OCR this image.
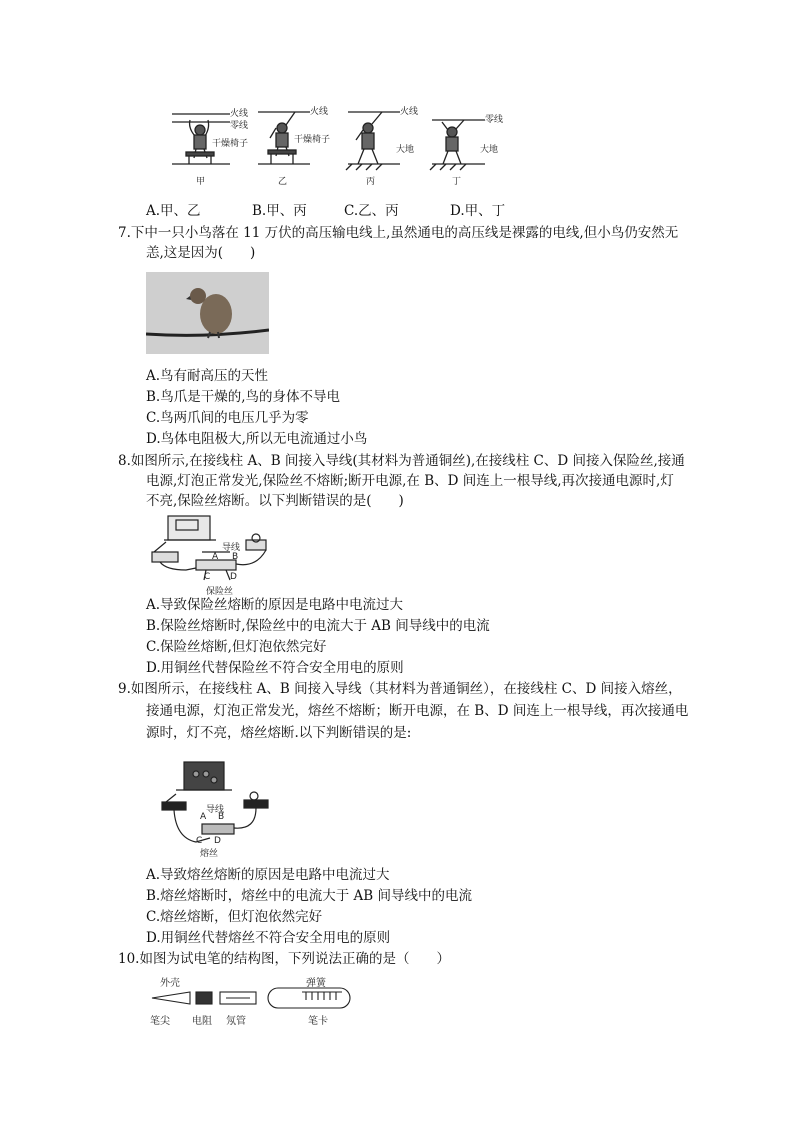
火线
零线
干燥椅子
火线
干燥椅子
火线
大地
零线
大地
甲	乙	丙	丁
A.甲、乙	B.甲、丙	C.乙、丙	D.甲、丁
7.下中一只小鸟落在 11 万伏的高压输电线上,虽然通电的高压线是裸露的电线,但小鸟仍安然无
恙,这是因为(　　)
A.鸟有耐高压的天性
B.鸟爪是干燥的,鸟的身体不导电
C.鸟两爪间的电压几乎为零
D.鸟体电阻极大,所以无电流通过小鸟
8.如图所示,在接线柱 A、B 间接入导线(其材料为普通铜丝),在接线柱 C、D 间接入保险丝,接通
电源,灯泡正常发光,保险丝不熔断;断开电源,在 B、D 间连上一根导线,再次接通电源时,灯
不亮,保险丝熔断。以下判断错误的是(　　)
导线
A B
C D
保险丝
A.导致保险丝熔断的原因是电路中电流过大
B.保险丝熔断时,保险丝中的电流大于 AB 间导线中的电流
C.保险丝熔断,但灯泡依然完好
D.用铜丝代替保险丝不符合安全用电的原则
9.如图所示，在接线柱 A、B 间接入导线（其材料为普通铜丝），在接线柱 C、D 间接入熔丝，
接通电源，灯泡正常发光，熔丝不熔断；断开电源，在 B、D 间连上一根导线，再次接通电
源时，灯不亮，熔丝熔断.以下判断错误的是:
导线
A B
C D
熔丝
A.导致熔丝熔断的原因是电路中电流过大
B.熔丝熔断时，熔丝中的电流大于 AB 间导线中的电流
C.熔丝熔断，但灯泡依然完好
D.用铜丝代替熔丝不符合安全用电的原则
10.如图为试电笔的结构图，下列说法正确的是（　　）
外壳	弹簧
笔尖 电阻 氖管	笔卡
